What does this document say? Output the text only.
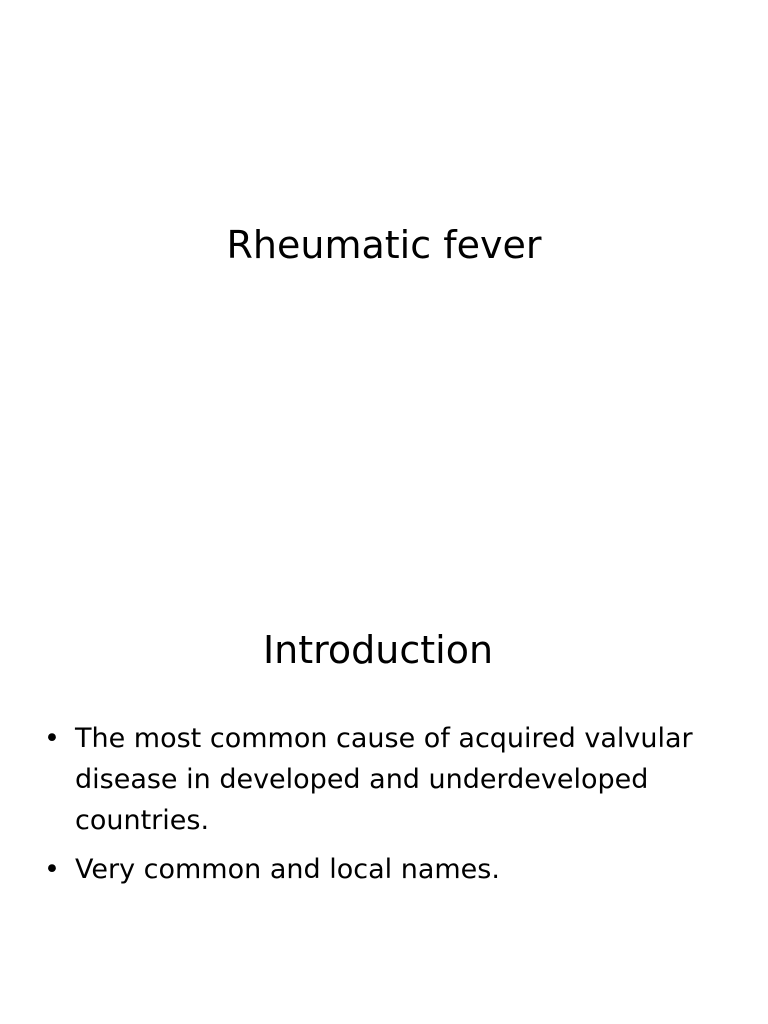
Rheumatic fever
Introduction
• The most common cause of acquired valvular disease in developed and underdeveloped countries.
• Very common and local names.
